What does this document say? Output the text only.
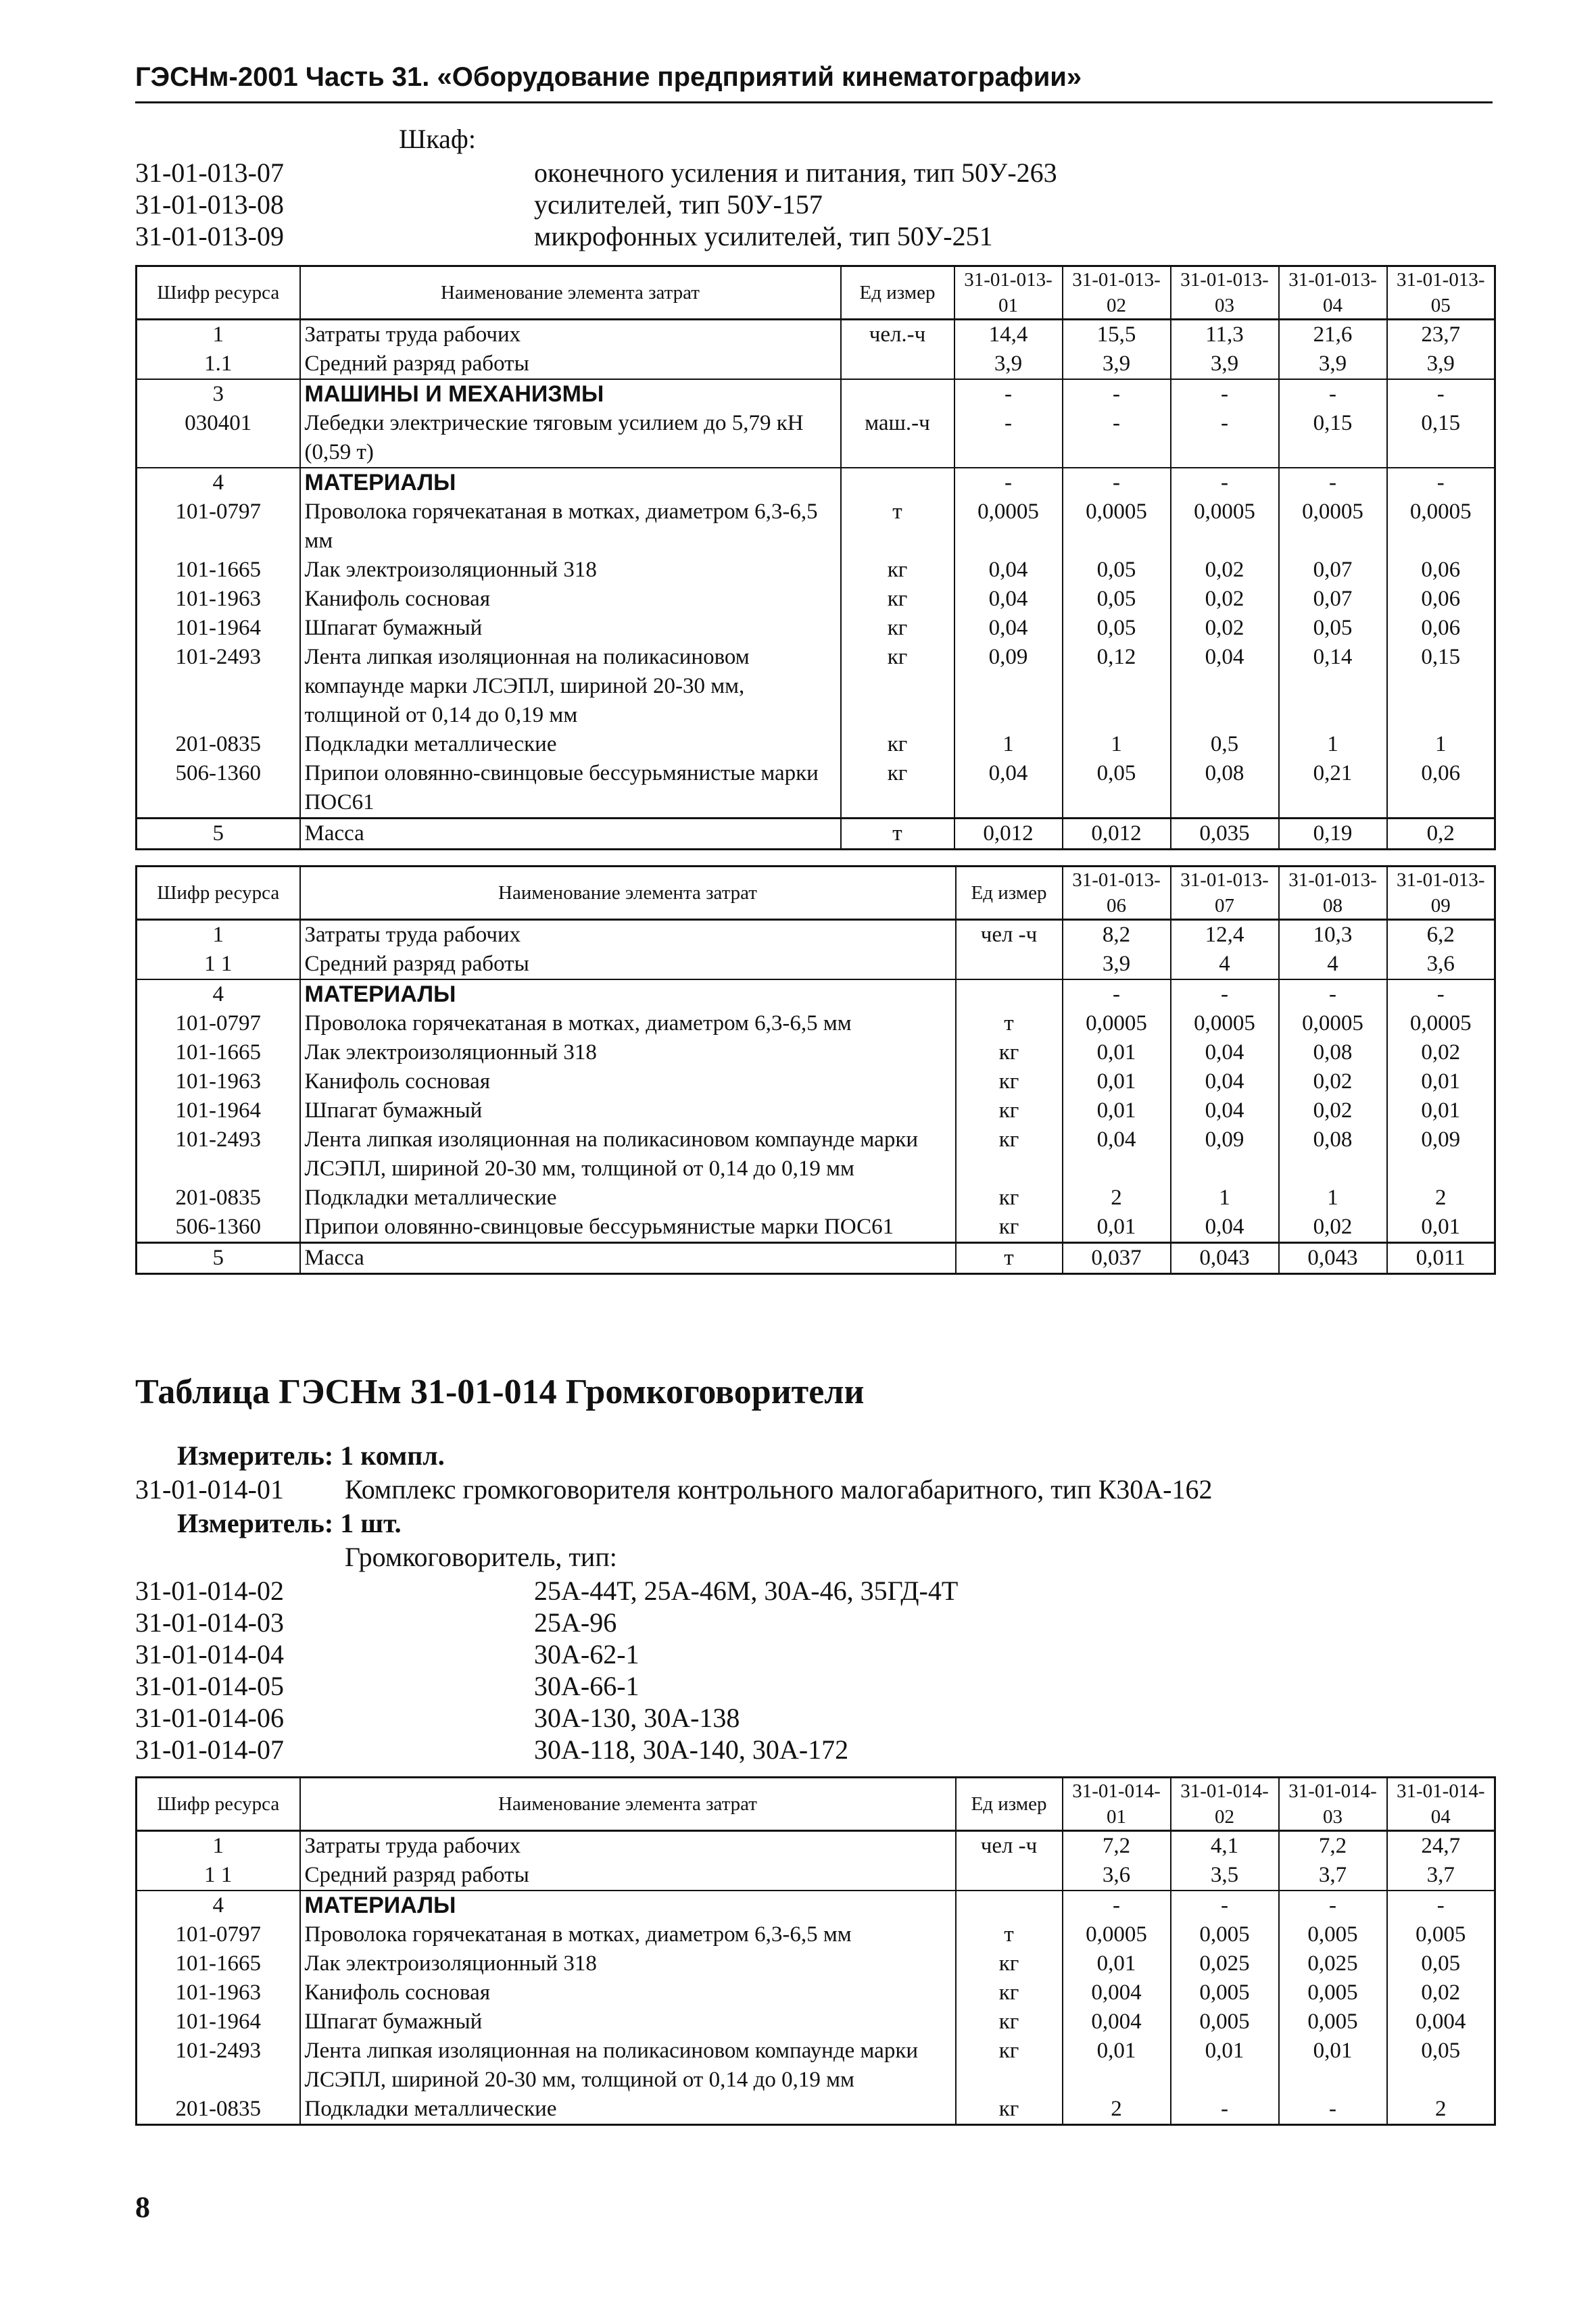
ГЭСНм-2001 Часть 31. «Оборудование предприятий кинематографии»
Шкаф:
31-01-013-07	оконечного усиления и питания, тип 50У-263
31-01-013-08	усилителей, тип 50У-157
31-01-013-09	микрофонных усилителей, тип 50У-251
Шифр ресурса	Наименование элемента затрат	Ед измер	31-01-013-01	31-01-013-02	31-01-013-03	31-01-013-04	31-01-013-05
1	Затраты труда рабочих	чел.-ч	14,4	15,5	11,3	21,6	23,7
1.1	Средний разряд работы		3,9	3,9	3,9	3,9	3,9
3	МАШИНЫ И МЕХАНИЗМЫ		-	-	-	-	-
030401	Лебедки электрические тяговым усилием до 5,79 кН (0,59 т)	маш.-ч	-	-	-	0,15	0,15
4	МАТЕРИАЛЫ		-	-	-	-	-
101-0797	Проволока горячекатаная в мотках, диаметром 6,3-6,5 мм	т	0,0005	0,0005	0,0005	0,0005	0,0005
101-1665	Лак электроизоляционный 318	кг	0,04	0,05	0,02	0,07	0,06
101-1963	Канифоль сосновая	кг	0,04	0,05	0,02	0,07	0,06
101-1964	Шпагат бумажный	кг	0,04	0,05	0,02	0,05	0,06
101-2493	Лента липкая изоляционная на поликасиновом компаунде марки ЛСЭПЛ, шириной 20-30 мм, толщиной от 0,14 до 0,19 мм	кг	0,09	0,12	0,04	0,14	0,15
201-0835	Подкладки металлические	кг	1	1	0,5	1	1
506-1360	Припои оловянно-свинцовые бессурьмянистые марки ПОС61	кг	0,04	0,05	0,08	0,21	0,06
5	Масса	т	0,012	0,012	0,035	0,19	0,2
Шифр ресурса	Наименование элемента затрат	Ед измер	31-01-013-06	31-01-013-07	31-01-013-08	31-01-013-09
1	Затраты труда рабочих	чел -ч	8,2	12,4	10,3	6,2
1 1	Средний разряд работы		3,9	4	4	3,6
4	МАТЕРИАЛЫ		-	-	-	-
101-0797	Проволока горячекатаная в мотках, диаметром 6,3-6,5 мм	т	0,0005	0,0005	0,0005	0,0005
101-1665	Лак электроизоляционный 318	кг	0,01	0,04	0,08	0,02
101-1963	Канифоль сосновая	кг	0,01	0,04	0,02	0,01
101-1964	Шпагат бумажный	кг	0,01	0,04	0,02	0,01
101-2493	Лента липкая изоляционная на поликасиновом компаунде марки ЛСЭПЛ, шириной 20-30 мм, толщиной от 0,14 до 0,19 мм	кг	0,04	0,09	0,08	0,09
201-0835	Подкладки металлические	кг	2	1	1	2
506-1360	Припои оловянно-свинцовые бессурьмянистые марки ПОС61	кг	0,01	0,04	0,02	0,01
5	Масса	т	0,037	0,043	0,043	0,011
Таблица ГЭСНм 31-01-014 Громкоговорители
Измеритель: 1 компл.
31-01-014-01 Комплекс громкоговорителя контрольного малогабаритного, тип К30А-162
Измеритель: 1 шт.
Громкоговоритель, тип:
31-01-014-02	25А-44Т, 25А-46М, 30А-46, 35ГД-4Т
31-01-014-03	25А-96
31-01-014-04	30А-62-1
31-01-014-05	30А-66-1
31-01-014-06	30А-130, 30А-138
31-01-014-07	30А-118, 30А-140, 30А-172
Шифр ресурса	Наименование элемента затрат	Ед измер	31-01-014-01	31-01-014-02	31-01-014-03	31-01-014-04
1	Затраты труда рабочих	чел -ч	7,2	4,1	7,2	24,7
1 1	Средний разряд работы		3,6	3,5	3,7	3,7
4	МАТЕРИАЛЫ		-	-	-	-
101-0797	Проволока горячекатаная в мотках, диаметром 6,3-6,5 мм	т	0,0005	0,005	0,005	0,005
101-1665	Лак электроизоляционный 318	кг	0,01	0,025	0,025	0,05
101-1963	Канифоль сосновая	кг	0,004	0,005	0,005	0,02
101-1964	Шпагат бумажный	кг	0,004	0,005	0,005	0,004
101-2493	Лента липкая изоляционная на поликасиновом компаунде марки ЛСЭПЛ, шириной 20-30 мм, толщиной от 0,14 до 0,19 мм	кг	0,01	0,01	0,01	0,05
201-0835	Подкладки металлические	кг	2	-	-	2
8
